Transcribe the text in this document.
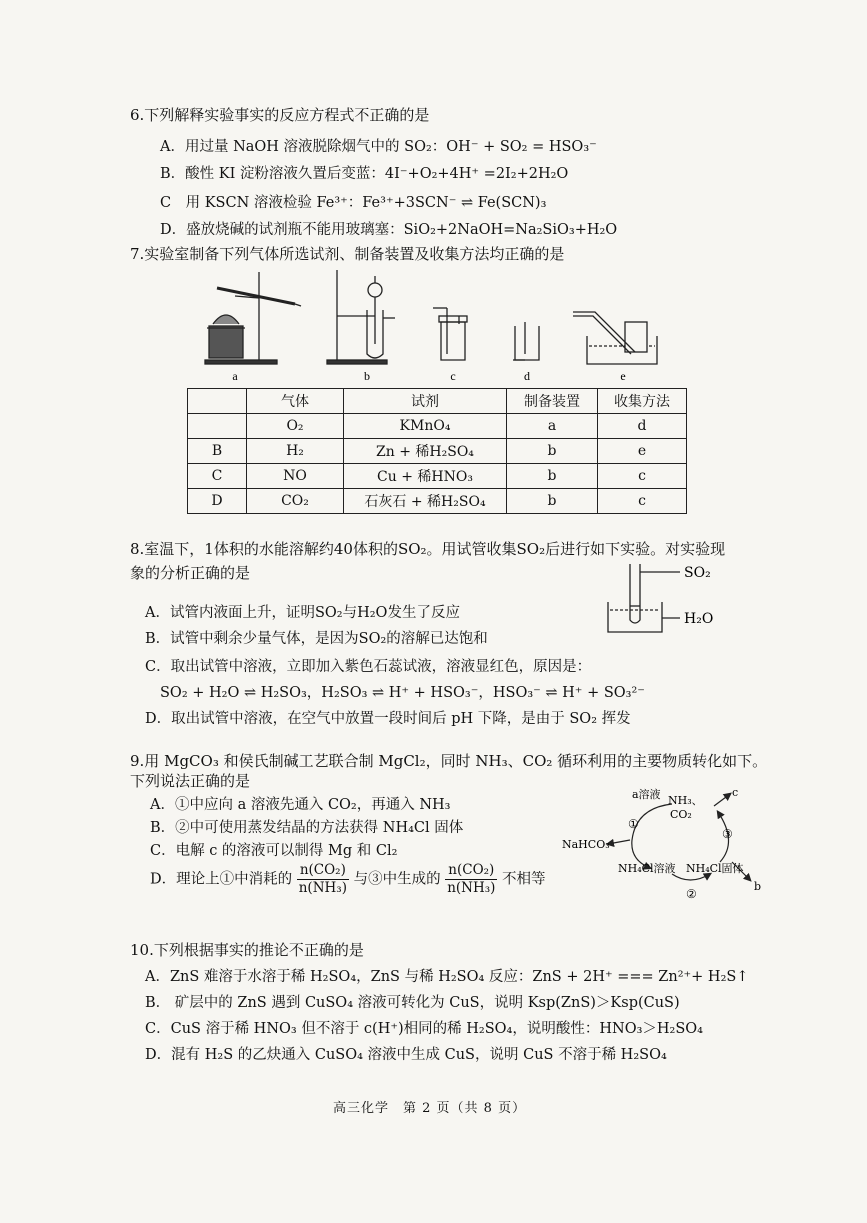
6.下列解释实验事实的反应方程式不正确的是
A．用过量 NaOH 溶液脱除烟气中的 SO₂：OH⁻ + SO₂ = HSO₃⁻
B．酸性 KI 淀粉溶液久置后变蓝：4I⁻+O₂+4H⁺ =2I₂+2H₂O
C　用 KSCN 溶液检验 Fe³⁺：Fe³⁺+3SCN⁻ ⇌ Fe(SCN)₃
D．盛放烧碱的试剂瓶不能用玻璃塞：SiO₂+2NaOH=Na₂SiO₃+H₂O
7.实验室制备下列气体所选试剂、制备装置及收集方法均正确的是
a	b	c	d	e
	气体	试剂	制备装置	收集方法
	O₂	KMnO₄	a	d
B	H₂	Zn + 稀H₂SO₄	b	e
C	NO	Cu + 稀HNO₃	b	c
D	CO₂	石灰石 + 稀H₂SO₄	b	c
8.室温下，1体积的水能溶解约40体积的SO₂。用试管收集SO₂后进行如下实验。对实验现
象的分析正确的是	SO₂
H₂O
A．试管内液面上升，证明SO₂与H₂O发生了反应
B．试管中剩余少量气体，是因为SO₂的溶解已达饱和
C．取出试管中溶液，立即加入紫色石蕊试液，溶液显红色，原因是：
SO₂ + H₂O ⇌ H₂SO₃，H₂SO₃ ⇌ H⁺ + HSO₃⁻，HSO₃⁻ ⇌ H⁺ + SO₃²⁻
D．取出试管中溶液，在空气中放置一段时间后 pH 下降，是由于 SO₂ 挥发
9.用 MgCO₃ 和侯氏制碱工艺联合制 MgCl₂，同时 NH₃、CO₂ 循环利用的主要物质转化如下。
下列说法正确的是
A．①中应向 a 溶液先通入 CO₂，再通入 NH₃
B．②中可使用蒸发结晶的方法获得 NH₄Cl 固体
C．电解 c 的溶液可以制得 Mg 和 Cl₂
D．理论上①中消耗的 $\frac{\text{n(CO₂)}}{\text{n(NH₃)}}$ 与③中生成的 $\frac{\text{n(CO₂)}}{\text{n(NH₃)}}$ 不相等
a溶液 NH₃、
CO₂
c
NaHCO₃
①
NH₄Cl溶液 NH₄Cl固体
③
b
②
10.下列根据事实的推论不正确的是
A．ZnS 难溶于水溶于稀 H₂SO₄，ZnS 与稀 H₂SO₄ 反应：ZnS + 2H⁺ === Zn²⁺+ H₂S↑
B． 矿层中的 ZnS 遇到 CuSO₄ 溶液可转化为 CuS，说明 Ksp(ZnS)＞Ksp(CuS)
C．CuS 溶于稀 HNO₃ 但不溶于 c(H⁺)相同的稀 H₂SO₄，说明酸性：HNO₃＞H₂SO₄
D．混有 H₂S 的乙炔通入 CuSO₄ 溶液中生成 CuS，说明 CuS 不溶于稀 H₂SO₄
高三化学　第 2 页（共 8 页）
